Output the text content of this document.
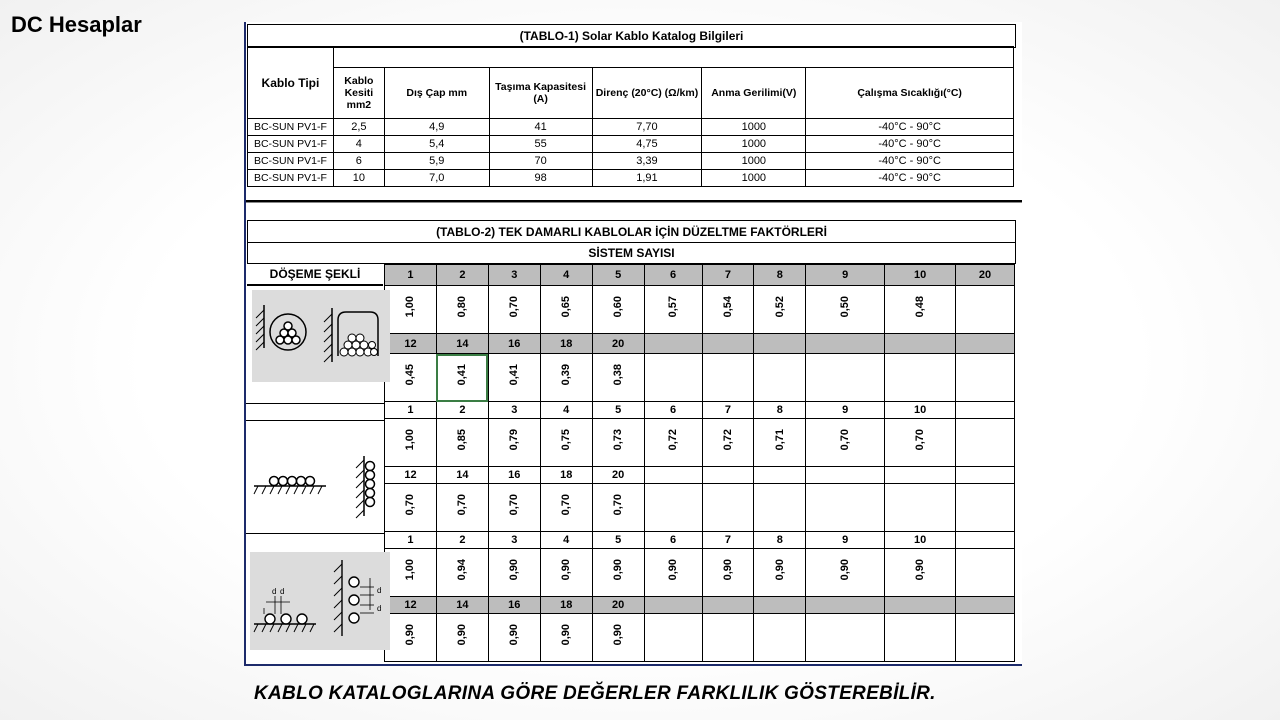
DC Hesaplar	(TABLO-1) Solar Kablo Katalog Bilgileri
Kablo Tipi						
	Kablo Kesiti mm2	Dış Çap mm	Taşıma Kapasitesi (A)	Direnç (20°C) (Ω/km)	Anma Gerilimi(V)	Çalışma Sıcaklığı(°C)
BC-SUN PV1-F	2,5	4,9	41	7,70	1000	-40°C - 90°C
BC-SUN PV1-F	4	5,4	55	4,75	1000	-40°C - 90°C
BC-SUN PV1-F	6	5,9	70	3,39	1000	-40°C - 90°C
BC-SUN PV1-F	10	7,0	98	1,91	1000	-40°C - 90°C
(TABLO-2) TEK DAMARLI KABLOLAR İÇİN DÜZELTME FAKTÖRLERİ
SİSTEM SAYISI
DÖŞEME ŞEKLİ	1	2	3	4	5	6	7	8	9	10	20

1,00	0,80	0,70	0,65	0,60	0,57	0,54	0,52	0,50	0,48	

12	14	16	18	20						

0,45	0,41	0,41	0,39	0,38						

1	2	3	4	5	6	7	8	9	10	

1,00	0,85	0,79	0,75	0,73	0,72	0,72	0,71	0,70	0,70	

12	14	16	18	20						

0,70	0,70	0,70	0,70	0,70						

1	2	3	4	5	6	7	8	9	10	

1,00	0,94	0,90	0,90	0,90	0,90	0,90	0,90	0,90	0,90	

12	14	16	18	20						

0,90	0,90	0,90	0,90	0,90						

d d	d
d
KABLO KATALOGLARINA GÖRE DEĞERLER FARKLILIK GÖSTEREBİLİR.
